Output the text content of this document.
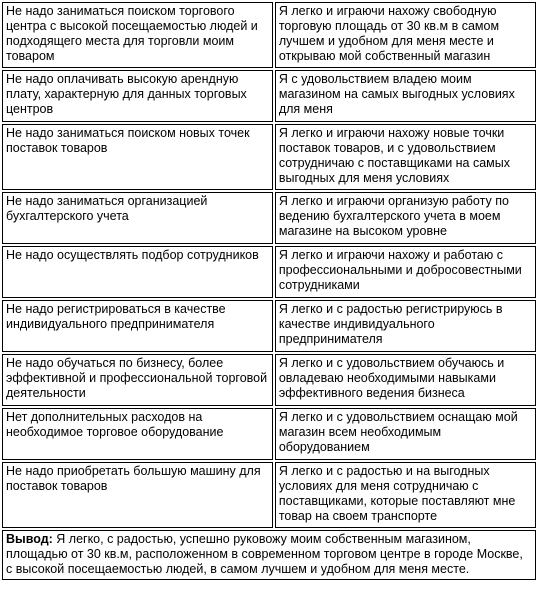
Не надо заниматься поиском торгового центра с высокой посещаемостью людей и подходящего места для торговли моим товаром	Я легко и играючи нахожу свободную торговую площадь от 30 кв.м в самом лучшем и удобном для меня месте и открываю мой собственный магазин
Не надо оплачивать высокую арендную плату, характерную для данных торговых центров	Я с удовольствием владею моим магазином на самых выгодных условиях для меня
Не надо заниматься поиском новых точек поставок товаров	Я легко и играючи нахожу новые точки поставок товаров, и с удовольствием сотрудничаю с поставщиками на самых выгодных для меня условиях
Не надо заниматься организацией бухгалтерского учета	Я легко и играючи организую работу по ведению бухгалтерского учета в моем магазине на высоком уровне
Не надо осуществлять подбор сотрудников	Я легко и играючи нахожу и работаю с профессиональными и добросовестными сотрудниками
Не надо регистрироваться в качестве индивидуального предпринимателя	Я легко и с радостью регистрируюсь в качестве индивидуального предпринимателя
Не надо обучаться по бизнесу, более эффективной и профессиональной торговой деятельности	Я легко и с удовольствием обучаюсь и овладеваю необходимыми навыками эффективного ведения бизнеса
Нет дополнительных расходов на необходимое торговое оборудование	Я легко и с удовольствием оснащаю мой магазин всем необходимым оборудованием
Не надо приобретать большую машину для поставок товаров	Я легко и с радостью и на выгодных условиях для меня сотрудничаю с поставщиками, которые поставляют мне товар на своем транспорте
Вывод: Я легко, с радостью, успешно руковожу моим собственным магазином, площадью от 30 кв.м, расположенном в современном торговом центре в городе Москве, с высокой посещаемостью людей, в самом лучшем и удобном для меня месте.	
